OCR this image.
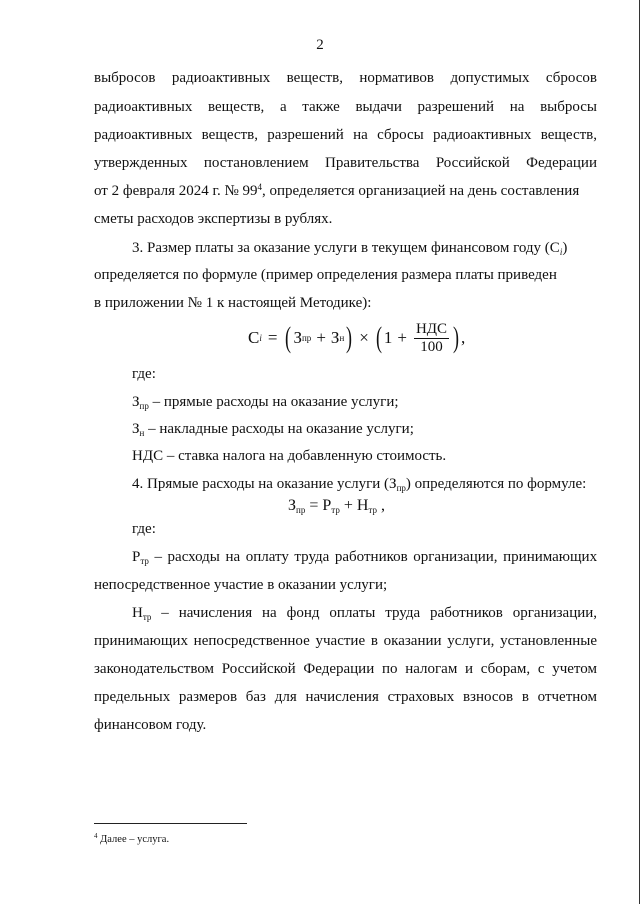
2
выбросов радиоактивных веществ, нормативов допустимых сбросов
радиоактивных веществ, а также выдачи разрешений на выбросы
радиоактивных веществ, разрешений на сбросы радиоактивных веществ,
утвержденных постановлением Правительства Российской Федерации
от 2 февраля 2024 г. № $99^4$, определяется организацией на день составления
сметы расходов экспертизы в рублях.
3. Размер платы за оказание услуги в текущем финансовом году $(С_i)$
определяется по формуле (пример определения размера платы приведен
в приложении № 1 к настоящей Методике):
С i = ( З пр + З н ) × ( $1 + \frac{\text{НДС}}{100}$ ) ,
где:
$З_{пр}$ – прямые расходы на оказание услуги;
$З_н$ – накладные расходы на оказание услуги;
НДС – ставка налога на добавленную стоимость.
4. Прямые расходы на оказание услуги $(З_{пр})$ определяются по формуле:
$З_{пр} = Р_{тр} + Н_{тр}$ ,
где:
$Р_{тр}$ – расходы на оплату труда работников организации, принимающих
непосредственное участие в оказании услуги;
$Н_{тр}$ – начисления на фонд оплаты труда работников организации,
принимающих непосредственное участие в оказании услуги, установленные
законодательством Российской Федерации по налогам и сборам, с учетом
предельных размеров баз для начисления страховых взносов в отчетном
финансовом году.
$^4$ Далее – услуга.
